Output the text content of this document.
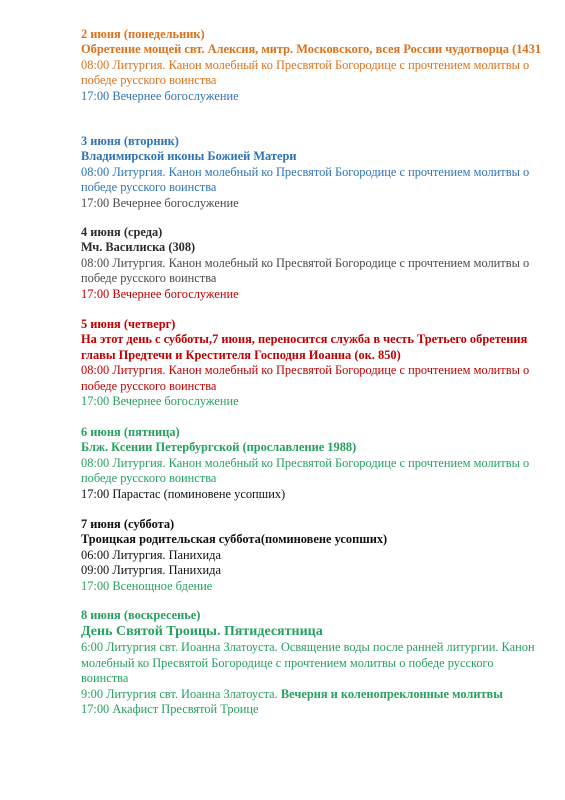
2 июня (понедельник)
Обретение мощей свт. Алексия, митр. Московского, всея России чудотворца (1431
08:00 Литургия. Канон молебный ко Пресвятой Богородице с прочтением молитвы о победе русского воинства
17:00 Вечернее богослужение
3 июня (вторник)
Владимирской иконы Божией Матери
08:00 Литургия. Канон молебный ко Пресвятой Богородице с прочтением молитвы о победе русского воинства
17:00 Вечернее богослужение
4 июня (среда)
Мч. Василиска (308)
08:00 Литургия. Канон молебный ко Пресвятой Богородице с прочтением молитвы о победе русского воинства
17:00 Вечернее богослужение
5 июня (четверг)
На этот день с субботы,7 июня, переносится служба в честь Третьего обретения главы Предтечи и Крестителя Господня Иоанна (ок. 850)
08:00 Литургия. Канон молебный ко Пресвятой Богородице с прочтением молитвы о победе русского воинства
17:00 Вечернее богослужение
6 июня (пятница)
Блж. Ксении Петербургской (прославление 1988)
08:00 Литургия. Канон молебный ко Пресвятой Богородице с прочтением молитвы о победе русского воинства
17:00 Парастас (поминовене усопших)
7 июня (суббота)
Троицкая родительская суббота(поминовене усопших)
06:00 Литургия. Панихида
09:00 Литургия. Панихида
17:00 Всенощное бдение
8 июня (воскресенье)
День Святой Троицы. Пятидесятница
6:00 Литургия свт. Иоанна Златоуста. Освящение воды после ранней литургии. Канон молебный ко Пресвятой Богородице с прочтением молитвы о победе русского воинства
9:00 Литургия свт. Иоанна Златоуста. Вечерня и коленопреклонные молитвы
17:00 Акафист Пресвятой Троице
